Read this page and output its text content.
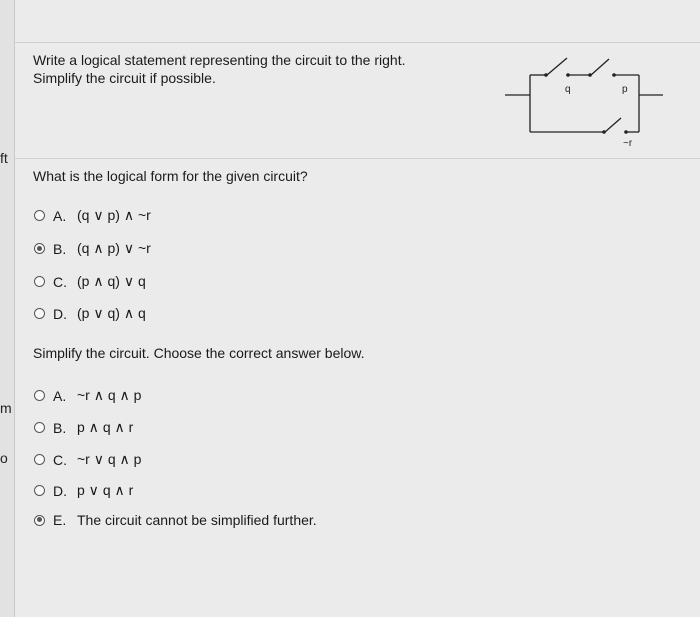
ft
m
o
Write a logical statement representing the circuit to the right.
Simplify the circuit if possible.
q	p
~r
What is the logical form for the given circuit?
A. (q ∨ p) ∧ ~r
B. (q ∧ p) ∨ ~r
C. (p ∧ q) ∨ q
D. (p ∨ q) ∧ q
Simplify the circuit. Choose the correct answer below.
A. ~r ∧ q ∧ p
B. p ∧ q ∧ r
C. ~r ∨ q ∧ p
D. p ∨ q ∧ r
E. The circuit cannot be simplified further.
